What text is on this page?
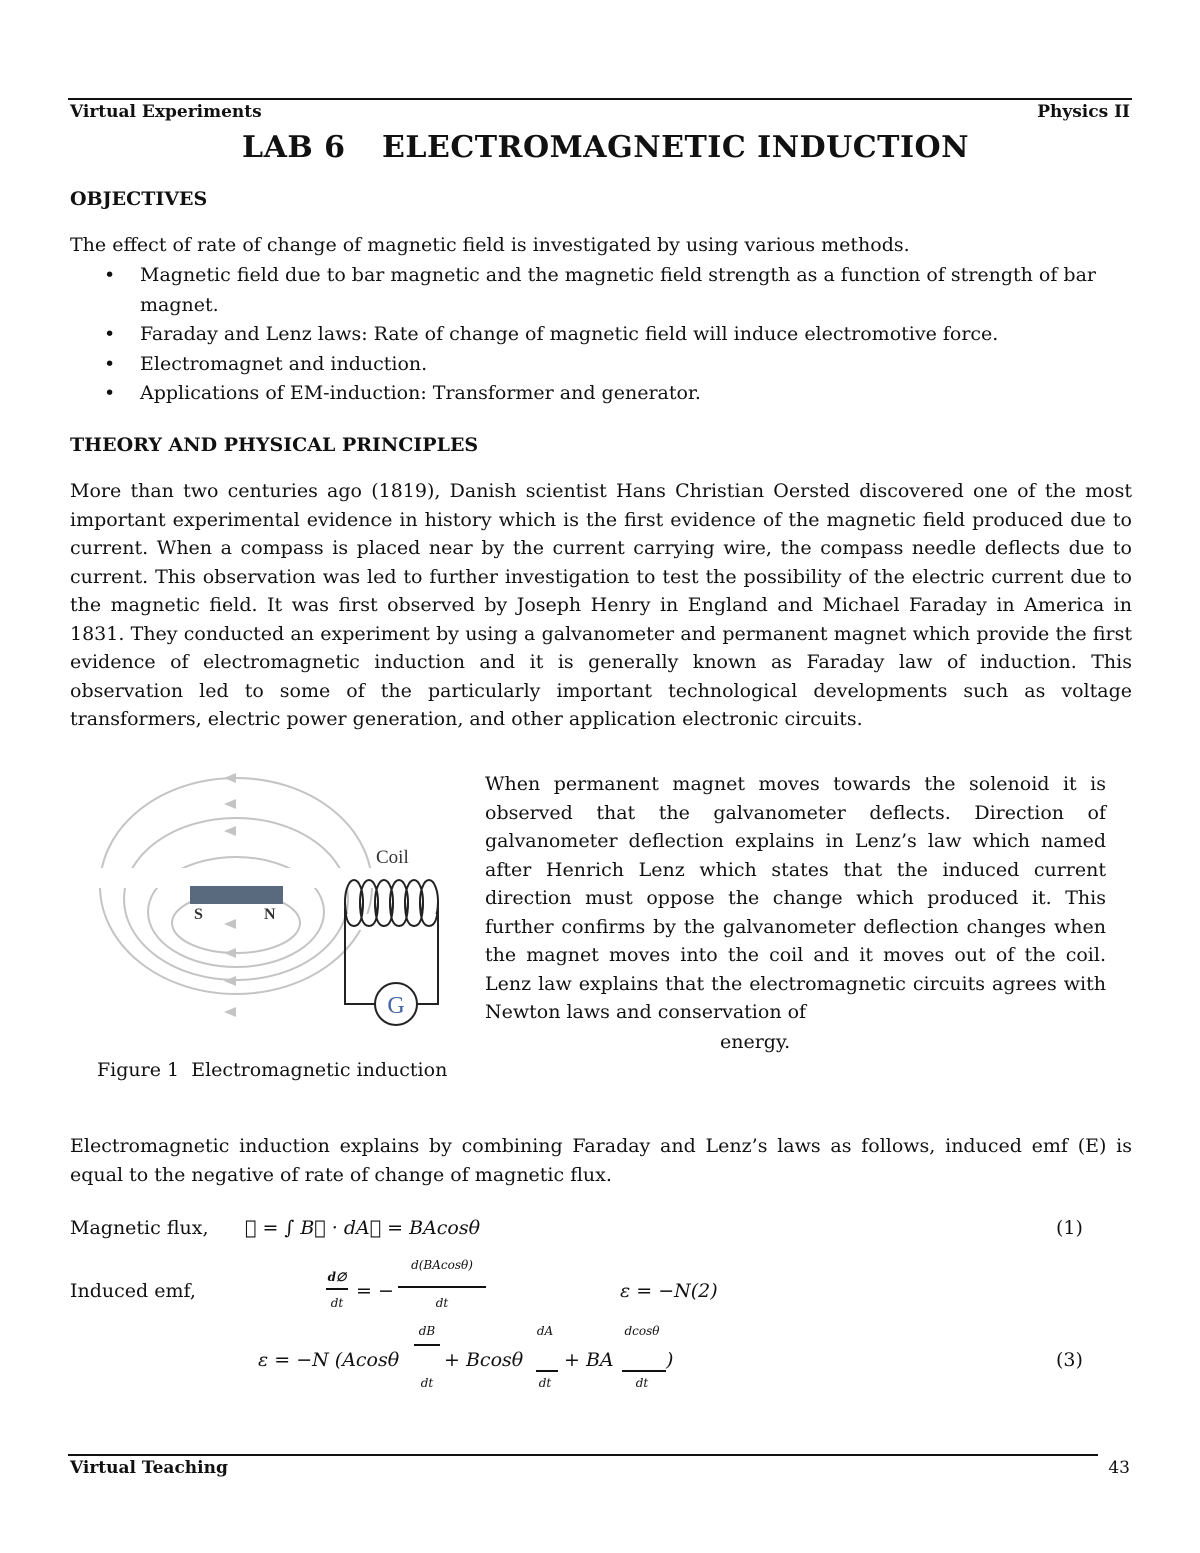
Virtual Experiments	Physics II
LAB 6 ELECTROMAGNETIC INDUCTION
OBJECTIVES
The effect of rate of change of magnetic field is investigated by using various methods.
• Magnetic field due to bar magnetic and the magnetic field strength as a function of strength of bar magnet.
• Faraday and Lenz laws: Rate of change of magnetic field will induce electromotive force.
• Electromagnet and induction.
• Applications of EM-induction: Transformer and generator.
THEORY AND PHYSICAL PRINCIPLES
More than two centuries ago (1819), Danish scientist Hans Christian Oersted discovered one of the most important experimental evidence in history which is the first evidence of the magnetic field produced due to current. When a compass is placed near by the current carrying wire, the compass needle deflects due to current. This observation was led to further investigation to test the possibility of the electric current due to the magnetic field. It was first observed by Joseph Henry in England and Michael Faraday in America in 1831. They conducted an experiment by using a galvanometer and permanent magnet which provide the first evidence of electromagnetic induction and it is generally known as Faraday law of induction. This observation led to some of the particularly important technological developments such as voltage transformers, electric power generation, and other application electronic circuits.
S	N
Coil
G
Figure 1  Electromagnetic induction
When permanent magnet moves towards the solenoid it is observed that the galvanometer deflects. Direction of galvanometer deflection explains in Lenz’s law which named after Henrich Lenz which states that the induced current direction must oppose the change which produced it. This further confirms by the galvanometer deflection changes when the magnet moves into the coil and it moves out of the coil. Lenz law explains that the electromagnetic circuits agrees with Newton laws and conservation of
energy.
Electromagnetic induction explains by combining Faraday and Lenz’s laws as follows, induced emf (E) is equal to the negative of rate of change of magnetic flux.
Magnetic flux, ∅ = ∫ B⃗ · dA⃗ = BAcosθ	(1)
Induced emf,
d∅
dt
= −
d(BAcosθ)
dt
ε = −N(2)
ε = −N (Acosθ
dB
dt
+ Bcosθ
dA
dt
+ BA
dcosθ
dt
)	(3)
Virtual Teaching	43
